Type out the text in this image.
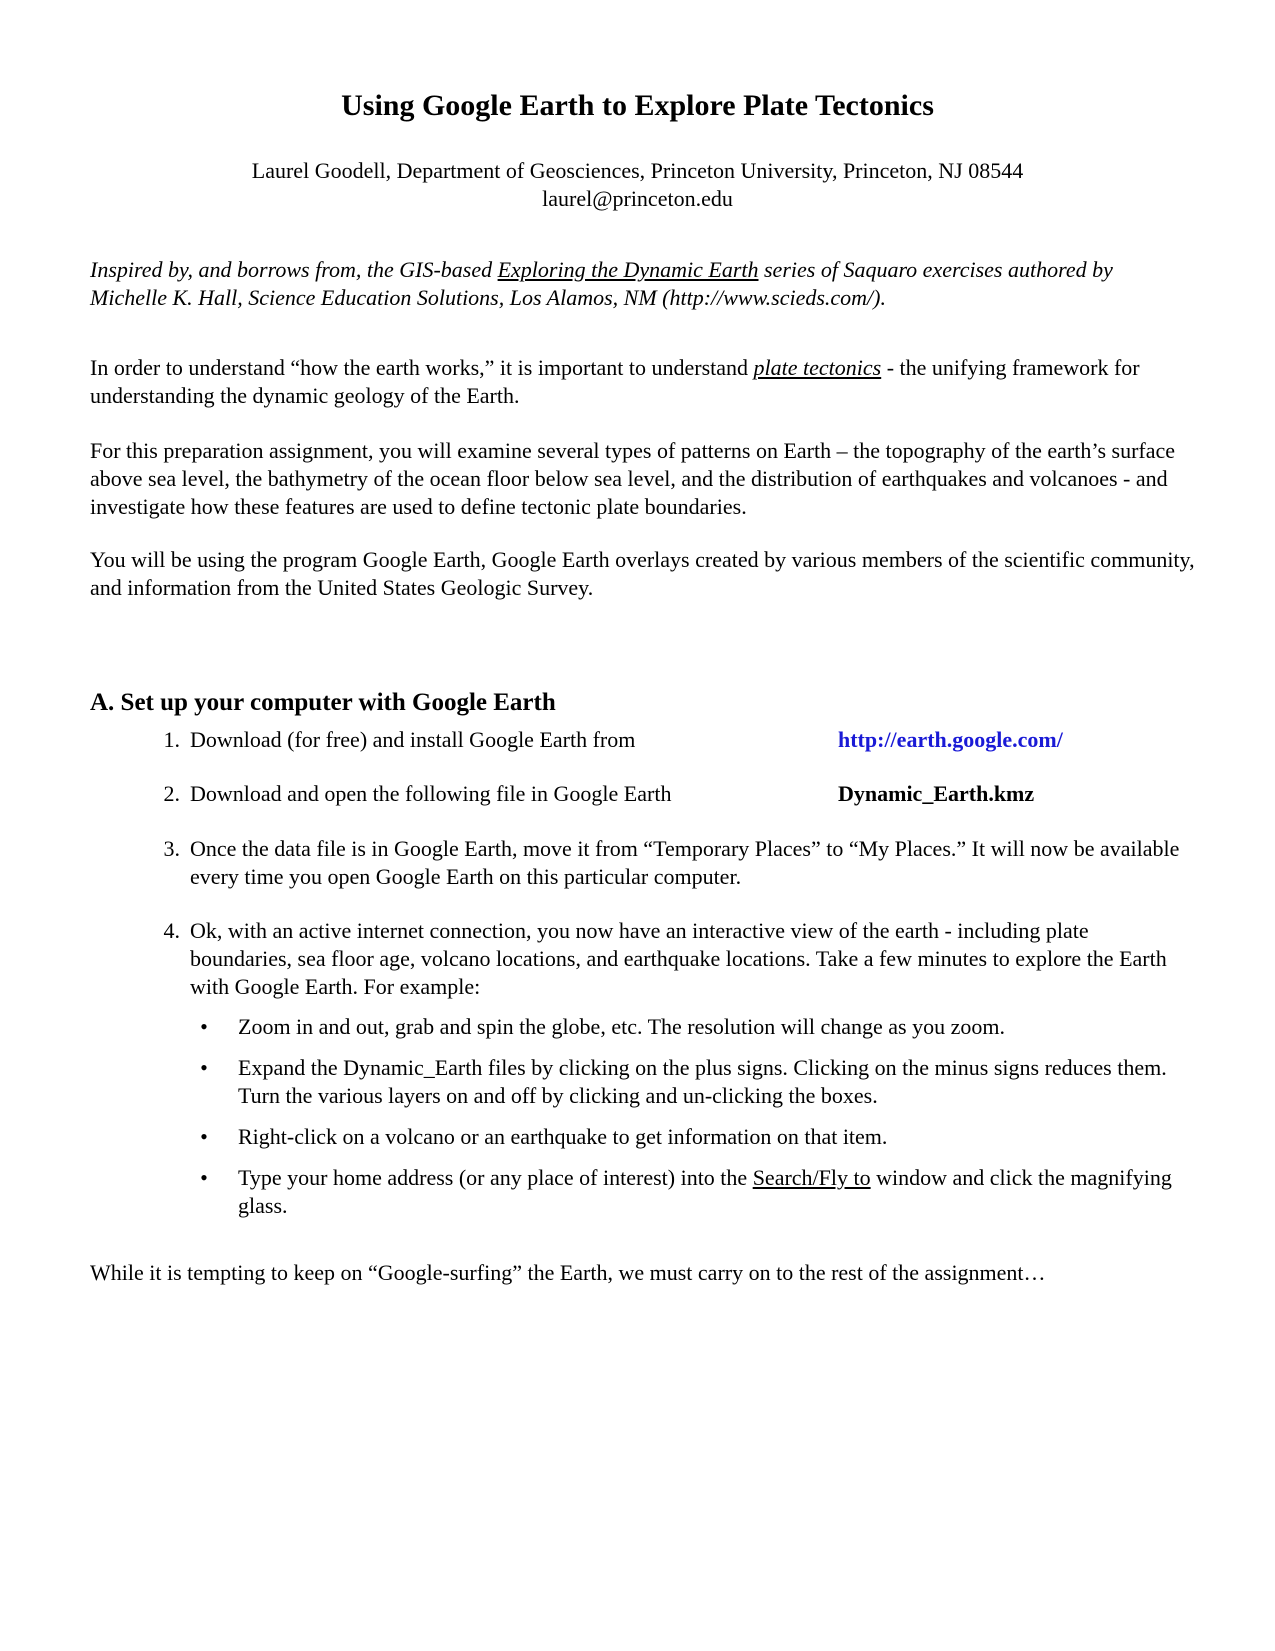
Using Google Earth to Explore Plate Tectonics
Laurel Goodell, Department of Geosciences, Princeton University, Princeton, NJ 08544
laurel@princeton.edu
Inspired by, and borrows from, the GIS-based Exploring the Dynamic Earth series of Saquaro exercises authored by Michelle K. Hall, Science Education Solutions, Los Alamos, NM (http://www.scieds.com/).
In order to understand “how the earth works,” it is important to understand plate tectonics - the unifying framework for understanding the dynamic geology of the Earth.
For this preparation assignment, you will examine several types of patterns on Earth – the topography of the earth’s surface above sea level, the bathymetry of the ocean floor below sea level, and the distribution of earthquakes and volcanoes - and investigate how these features are used to define tectonic plate boundaries.
You will be using the program Google Earth, Google Earth overlays created by various members of the scientific community, and information from the United States Geologic Survey.
A. Set up your computer with Google Earth
1. Download (for free) and install Google Earth from	http://earth.google.com/
2. Download and open the following file in Google Earth	Dynamic_Earth.kmz
3. Once the data file is in Google Earth, move it from “Temporary Places” to “My Places.” It will now be available every time you open Google Earth on this particular computer.
4. Ok, with an active internet connection, you now have an interactive view of the earth - including plate boundaries, sea floor age, volcano locations, and earthquake locations. Take a few minutes to explore the Earth with Google Earth. For example:
• Zoom in and out, grab and spin the globe, etc. The resolution will change as you zoom.
• Expand the Dynamic_Earth files by clicking on the plus signs. Clicking on the minus signs reduces them. Turn the various layers on and off by clicking and un-clicking the boxes.
• Right-click on a volcano or an earthquake to get information on that item.
• Type your home address (or any place of interest) into the Search/Fly to window and click the magnifying glass.
While it is tempting to keep on “Google-surfing” the Earth, we must carry on to the rest of the assignment…
